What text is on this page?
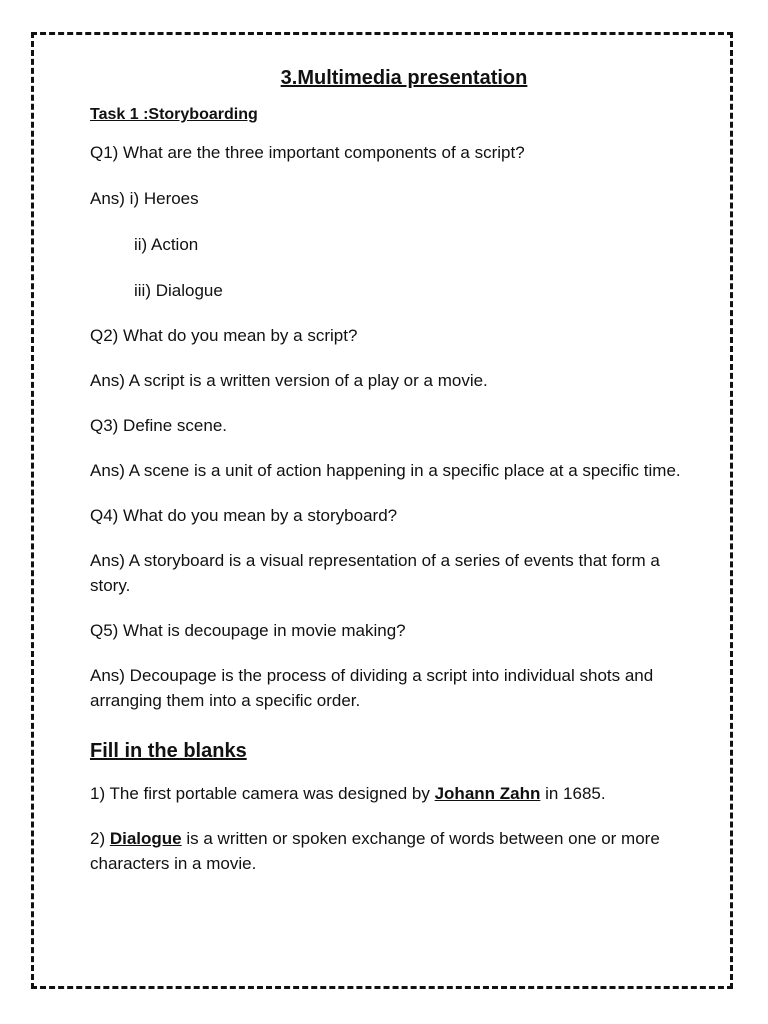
3.Multimedia presentation
Task 1 :Storyboarding

Q1) What are the three important components of a script?

Ans) i) Heroes

ii) Action

iii) Dialogue

Q2) What do you mean by a script?

Ans) A script is a written version of a play or a movie.

Q3) Define scene.

Ans) A scene is a unit of action happening in a specific place at a specific time.

Q4) What do you mean by a storyboard?

Ans) A storyboard is a visual representation of a series of events that form a story.

Q5) What is decoupage in movie making?

Ans) Decoupage is the process of dividing a script into individual shots and arranging them into a specific order.

Fill in the blanks

1) The first portable camera was designed by Johann Zahn in 1685.

2) Dialogue is a written or spoken exchange of words between one or more characters in a movie.
